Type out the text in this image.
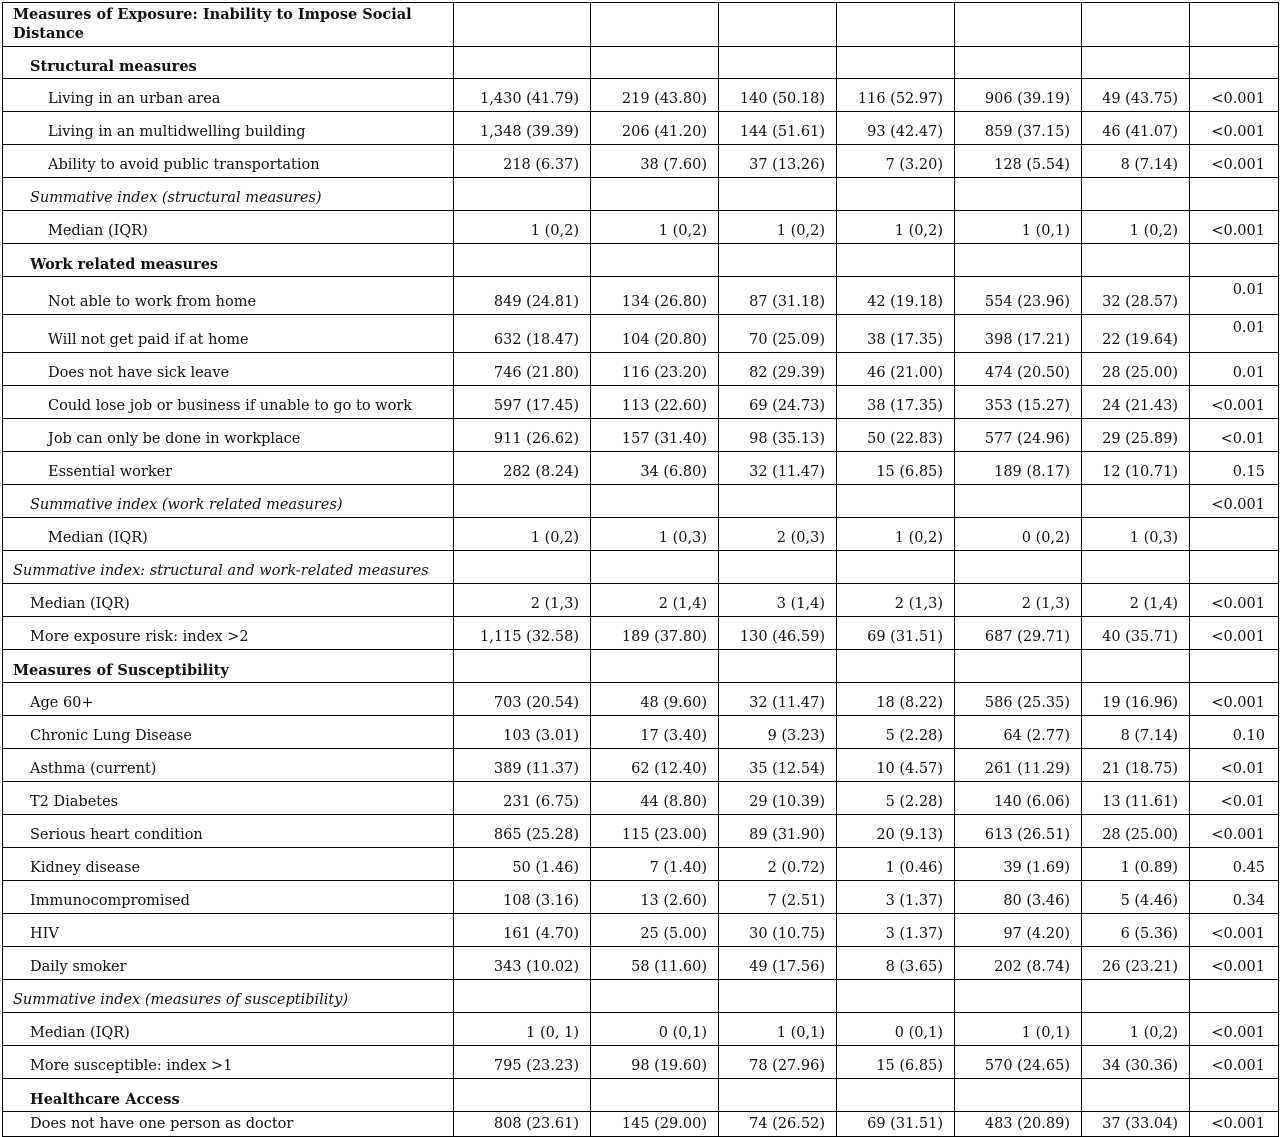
Measures of Exposure: Inability to Impose Social Distance							
Structural measures							
Living in an urban area	1,430 (41.79)	219 (43.80)	140 (50.18)	116 (52.97)	906 (39.19)	49 (43.75)	<0.001
Living in an multidwelling building	1,348 (39.39)	206 (41.20)	144 (51.61)	93 (42.47)	859 (37.15)	46 (41.07)	<0.001
Ability to avoid public transportation	218 (6.37)	38 (7.60)	37 (13.26)	7 (3.20)	128 (5.54)	8 (7.14)	<0.001
Summative index (structural measures)							
Median (IQR)	1 (0,2)	1 (0,2)	1 (0,2)	1 (0,2)	1 (0,1)	1 (0,2)	<0.001
Work related measures							
Not able to work from home	849 (24.81)	134 (26.80)	87 (31.18)	42 (19.18)	554 (23.96)	32 (28.57)	0.01
Will not get paid if at home	632 (18.47)	104 (20.80)	70 (25.09)	38 (17.35)	398 (17.21)	22 (19.64)	0.01
Does not have sick leave	746 (21.80)	116 (23.20)	82 (29.39)	46 (21.00)	474 (20.50)	28 (25.00)	0.01
Could lose job or business if unable to go to work	597 (17.45)	113 (22.60)	69 (24.73)	38 (17.35)	353 (15.27)	24 (21.43)	<0.001
Job can only be done in workplace	911 (26.62)	157 (31.40)	98 (35.13)	50 (22.83)	577 (24.96)	29 (25.89)	<0.01
Essential worker	282 (8.24)	34 (6.80)	32 (11.47)	15 (6.85)	189 (8.17)	12 (10.71)	0.15
Summative index (work related measures)							<0.001
Median (IQR)	1 (0,2)	1 (0,3)	2 (0,3)	1 (0,2)	0 (0,2)	1 (0,3)	
Summative index: structural and work-related measures							
Median (IQR)	2 (1,3)	2 (1,4)	3 (1,4)	2 (1,3)	2 (1,3)	2 (1,4)	<0.001
More exposure risk: index >2	1,115 (32.58)	189 (37.80)	130 (46.59)	69 (31.51)	687 (29.71)	40 (35.71)	<0.001
Measures of Susceptibility							
Age 60+	703 (20.54)	48 (9.60)	32 (11.47)	18 (8.22)	586 (25.35)	19 (16.96)	<0.001
Chronic Lung Disease	103 (3.01)	17 (3.40)	9 (3.23)	5 (2.28)	64 (2.77)	8 (7.14)	0.10
Asthma (current)	389 (11.37)	62 (12.40)	35 (12.54)	10 (4.57)	261 (11.29)	21 (18.75)	<0.01
T2 Diabetes	231 (6.75)	44 (8.80)	29 (10.39)	5 (2.28)	140 (6.06)	13 (11.61)	<0.01
Serious heart condition	865 (25.28)	115 (23.00)	89 (31.90)	20 (9.13)	613 (26.51)	28 (25.00)	<0.001
Kidney disease	50 (1.46)	7 (1.40)	2 (0.72)	1 (0.46)	39 (1.69)	1 (0.89)	0.45
Immunocompromised	108 (3.16)	13 (2.60)	7 (2.51)	3 (1.37)	80 (3.46)	5 (4.46)	0.34
HIV	161 (4.70)	25 (5.00)	30 (10.75)	3 (1.37)	97 (4.20)	6 (5.36)	<0.001
Daily smoker	343 (10.02)	58 (11.60)	49 (17.56)	8 (3.65)	202 (8.74)	26 (23.21)	<0.001
Summative index (measures of susceptibility)							
Median (IQR)	1 (0, 1)	0 (0,1)	1 (0,1)	0 (0,1)	1 (0,1)	1 (0,2)	<0.001
More susceptible: index >1	795 (23.23)	98 (19.60)	78 (27.96)	15 (6.85)	570 (24.65)	34 (30.36)	<0.001
Healthcare Access							
Does not have one person as doctor	808 (23.61)	145 (29.00)	74 (26.52)	69 (31.51)	483 (20.89)	37 (33.04)	<0.001
